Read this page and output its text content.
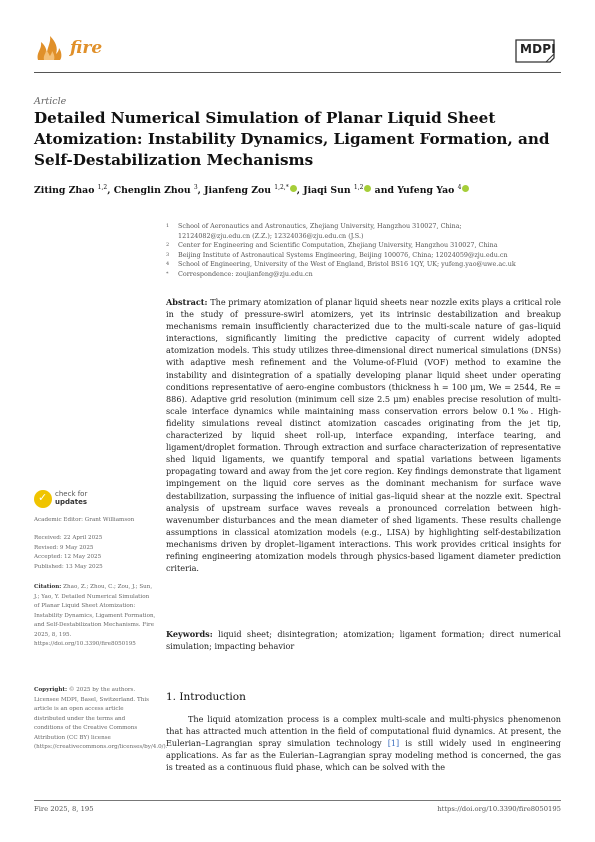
fire	MDPI
Article
Detailed Numerical Simulation of Planar Liquid Sheet Atomization: Instability Dynamics, Ligament Formation, and Self-Destabilization Mechanisms
Ziting Zhao $^{1,2}$, Chenglin Zhou $^3$, Jianfeng Zou $^{1,2,*}$ , Jiaqi Sun $^{1,2}$ and Yufeng Yao $^4$
1	School of Aeronautics and Astronautics, Zhejiang University, Hangzhou 310027, China;
12124082@zju.edu.cn (Z.Z.); 12324036@zju.edu.cn (J.S.)
2	Center for Engineering and Scientific Computation, Zhejiang University, Hangzhou 310027, China
3	Beijing Institute of Astronautical Systems Engineering, Beijing 100076, China; 12024059@zju.edu.cn
4	School of Engineering, University of the West of England, Bristol BS16 1QY, UK; yufeng.yao@uwe.ac.uk
*	Correspondence: zoujianfeng@zju.edu.cn
Abstract: The primary atomization of planar liquid sheets near nozzle exits plays a critical role in the study of pressure-swirl atomizers, yet its intrinsic destabilization and breakup mechanisms remain insufficiently characterized due to the multi-scale nature of gas–liquid interactions, significantly limiting the predictive capacity of current widely adopted atomization models. This study utilizes three-dimensional direct numerical simulations (DNSs) with adaptive mesh refinement and the Volume-of-Fluid (VOF) method to examine the instability and disintegration of a spatially developing planar liquid sheet under operating conditions representative of aero-engine combustors (thickness h = 100 μm, We = 2544, Re = 886). Adaptive grid resolution (minimum cell size 2.5 μm) enables precise resolution of multi-scale interface dynamics while maintaining mass conservation errors below 0.1‰. High-fidelity simulations reveal distinct atomization cascades originating from the jet tip, characterized by liquid sheet roll-up, interface expanding, interface tearing, and ligament/droplet formation. Through extraction and surface characterization of representative shed liquid ligaments, we quantify temporal and spatial variations between ligaments propagating toward and away from the jet core region. Key findings demonstrate that ligament impingement on the liquid core serves as the dominant mechanism for surface wave destabilization, surpassing the influence of initial gas–liquid shear at the nozzle exit. Spectral analysis of upstream surface waves reveals a pronounced correlation between high-wavenumber disturbances and the mean diameter of shed ligaments. These results challenge assumptions in classical atomization models (e.g., LISA) by highlighting self-destabilization mechanisms driven by droplet–ligament interactions. This work provides critical insights for refining engineering atomization models through physics-based ligament diameter prediction criteria.
Keywords: liquid sheet; disintegration; atomization; ligament formation; direct numerical simulation; impacting behavior
✓ check for
updates
Academic Editor: Grant Williamson
Received: 22 April 2025
Revised: 9 May 2025
Accepted: 12 May 2025
Published: 13 May 2025
Citation: Zhao, Z.; Zhou, C.; Zou, J.; Sun, J.; Yao, Y. Detailed Numerical Simulation of Planar Liquid Sheet Atomization: Instability Dynamics, Ligament Formation, and Self-Destabilization Mechanisms. Fire 2025, 8, 195. https://doi.org/10.3390/fire8050195
Copyright: © 2025 by the authors. Licensee MDPI, Basel, Switzerland. This article is an open access article distributed under the terms and conditions of the Creative Commons Attribution (CC BY) license (https://creativecommons.org/licenses/by/4.0/).
1. Introduction
The liquid atomization process is a complex multi-scale and multi-physics phenomenon that has attracted much attention in the field of computational fluid dynamics. At present, the Eulerian–Lagrangian spray simulation technology [1] is still widely used in engineering applications. As far as the Eulerian–Lagrangian spray modeling method is concerned, the gas is treated as a continuous fluid phase, which can be solved with the
Fire 2025, 8, 195	https://doi.org/10.3390/fire8050195
